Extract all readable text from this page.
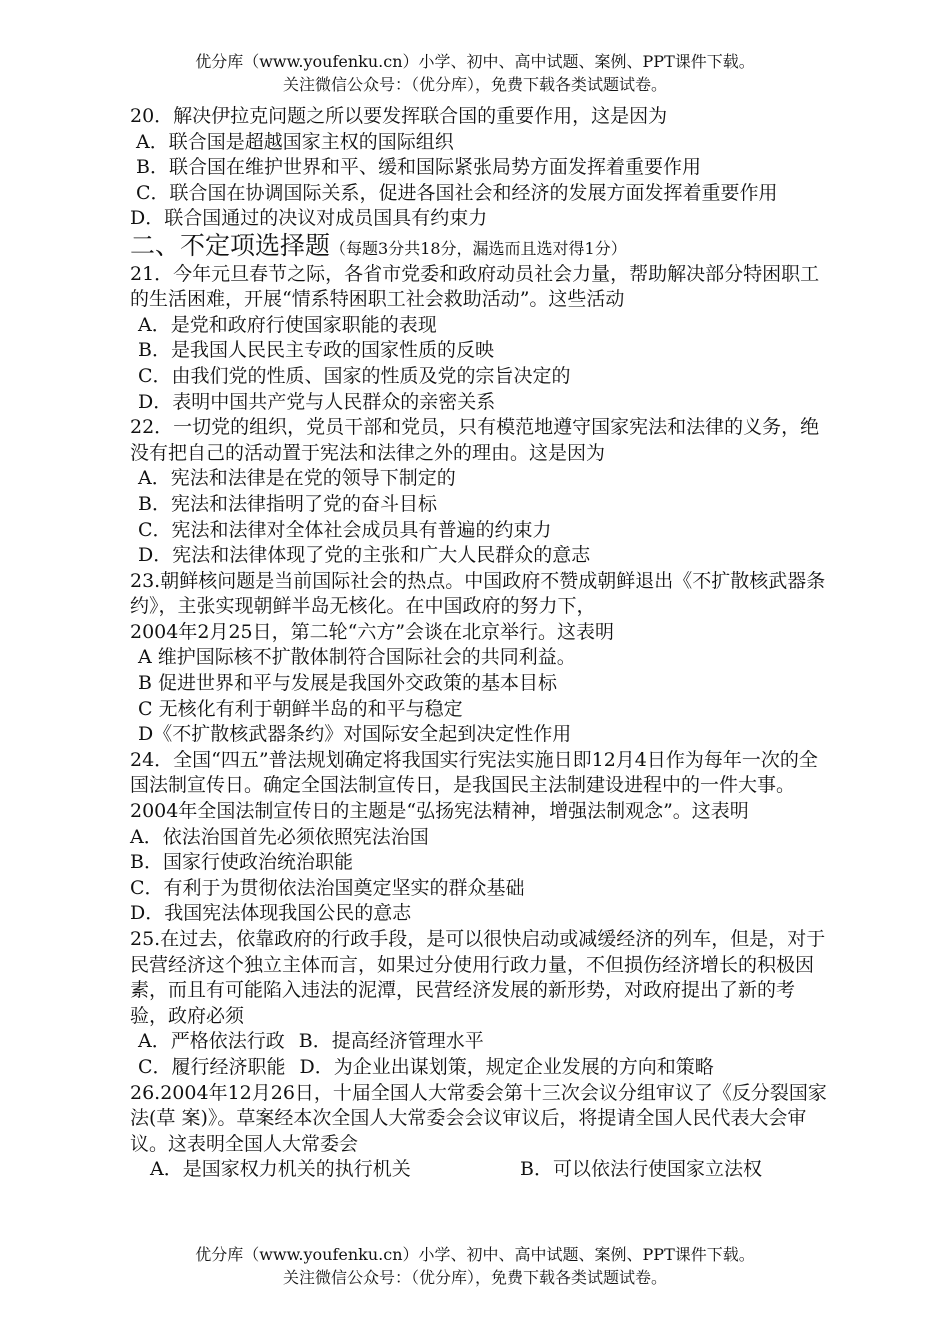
优分库（www.youfenku.cn）小学、初中、高中试题、案例、PPT课件下载。
关注微信公众号：（优分库），免费下载各类试题试卷。

20．解决伊拉克问题之所以要发挥联合国的重要作用，这是因为

A．联合国是超越国家主权的国际组织

B．联合国在维护世界和平、缓和国际紧张局势方面发挥着重要作用

C．联合国在协调国际关系，促进各国社会和经济的发展方面发挥着重要作用

D．联合国通过的决议对成员国具有约束力

二、不定项选择题（每题3分共18分，漏选而且选对得1分）

21．今年元旦春节之际，各省市党委和政府动员社会力量，帮助解决部分特困职工的生活困难，开展“情系特困职工社会救助活动”。这些活动

A．是党和政府行使国家职能的表现

B．是我国人民民主专政的国家性质的反映

C．由我们党的性质、国家的性质及党的宗旨决定的

D．表明中国共产党与人民群众的亲密关系

22．一切党的组织，党员干部和党员，只有模范地遵守国家宪法和法律的义务，绝没有把自己的活动置于宪法和法律之外的理由。这是因为

A．宪法和法律是在党的领导下制定的

B．宪法和法律指明了党的奋斗目标

C．宪法和法律对全体社会成员具有普遍的约束力

D．宪法和法律体现了党的主张和广大人民群众的意志

23.朝鲜核问题是当前国际社会的热点。中国政府不赞成朝鲜退出《不扩散核武器条约》，主张实现朝鲜半岛无核化。在中国政府的努力下，

2004年2月25日，第二轮“六方”会谈在北京举行。这表明

A 维护国际核不扩散体制符合国际社会的共同利益。

B 促进世界和平与发展是我国外交政策的基本目标

C 无核化有利于朝鲜半岛的和平与稳定

D《不扩散核武器条约》对国际安全起到决定性作用

24．全国“四五”普法规划确定将我国实行宪法实施日即12月4日作为每年一次的全国法制宣传日。确定全国法制宣传日，是我国民主法制建设进程中的一件大事。2004年全国法制宣传日的主题是“弘扬宪法精神，增强法制观念”。这表明

A．依法治国首先必须依照宪法治国

B．国家行使政治统治职能

C．有利于为贯彻依法治国奠定坚实的群众基础

D．我国宪法体现我国公民的意志

25.在过去，依靠政府的行政手段，是可以很快启动或减缓经济的列车，但是，对于民营经济这个独立主体而言，如果过分使用行政力量，不但损伤经济增长的积极因素，而且有可能陷入违法的泥潭，民营经济发展的新形势，对政府提出了新的考验，政府必须

A．严格依法行政 B．提高经济管理水平

C．履行经济职能 D．为企业出谋划策，规定企业发展的方向和策略

26.2004年12月26日，十届全国人大常委会第十三次会议分组审议了《反分裂国家法(草 案)》。草案经本次全国人大常委会会议审议后，将提请全国人民代表大会审议。这表明全国人大常委会

A．是国家权力机关的执行机关	B．可以依法行使国家立法权
优分库（www.youfenku.cn）小学、初中、高中试题、案例、PPT课件下载。
关注微信公众号：（优分库），免费下载各类试题试卷。
